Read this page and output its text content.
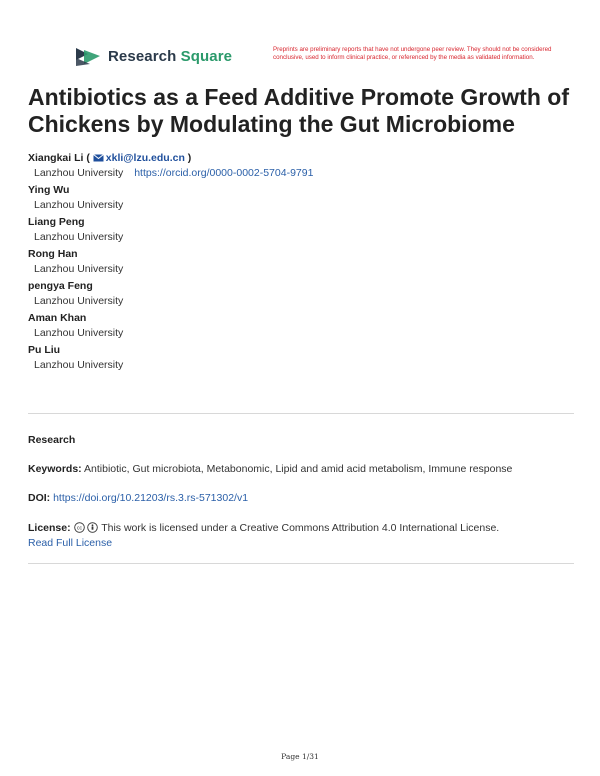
Research Square	Preprints are preliminary reports that have not undergone peer review. They should not be considered conclusive, used to inform clinical practice, or referenced by the media as validated information.
Antibiotics as a Feed Additive Promote Growth of Chickens by Modulating the Gut Microbiome
Xiangkai Li ( xkli@lzu.edu.cn )
Lanzhou University https://orcid.org/0000-0002-5704-9791
Ying Wu
Lanzhou University
Liang Peng
Lanzhou University
Rong Han
Lanzhou University
pengya Feng
Lanzhou University
Aman Khan
Lanzhou University
Pu Liu
Lanzhou University
Research
Keywords: Antibiotic, Gut microbiota, Metabonomic, Lipid and amid acid metabolism, Immune response
DOI: https://doi.org/10.21203/rs.3.rs-571302/v1
License: cc This work is licensed under a Creative Commons Attribution 4.0 International License.
Read Full License
Page 1/31
